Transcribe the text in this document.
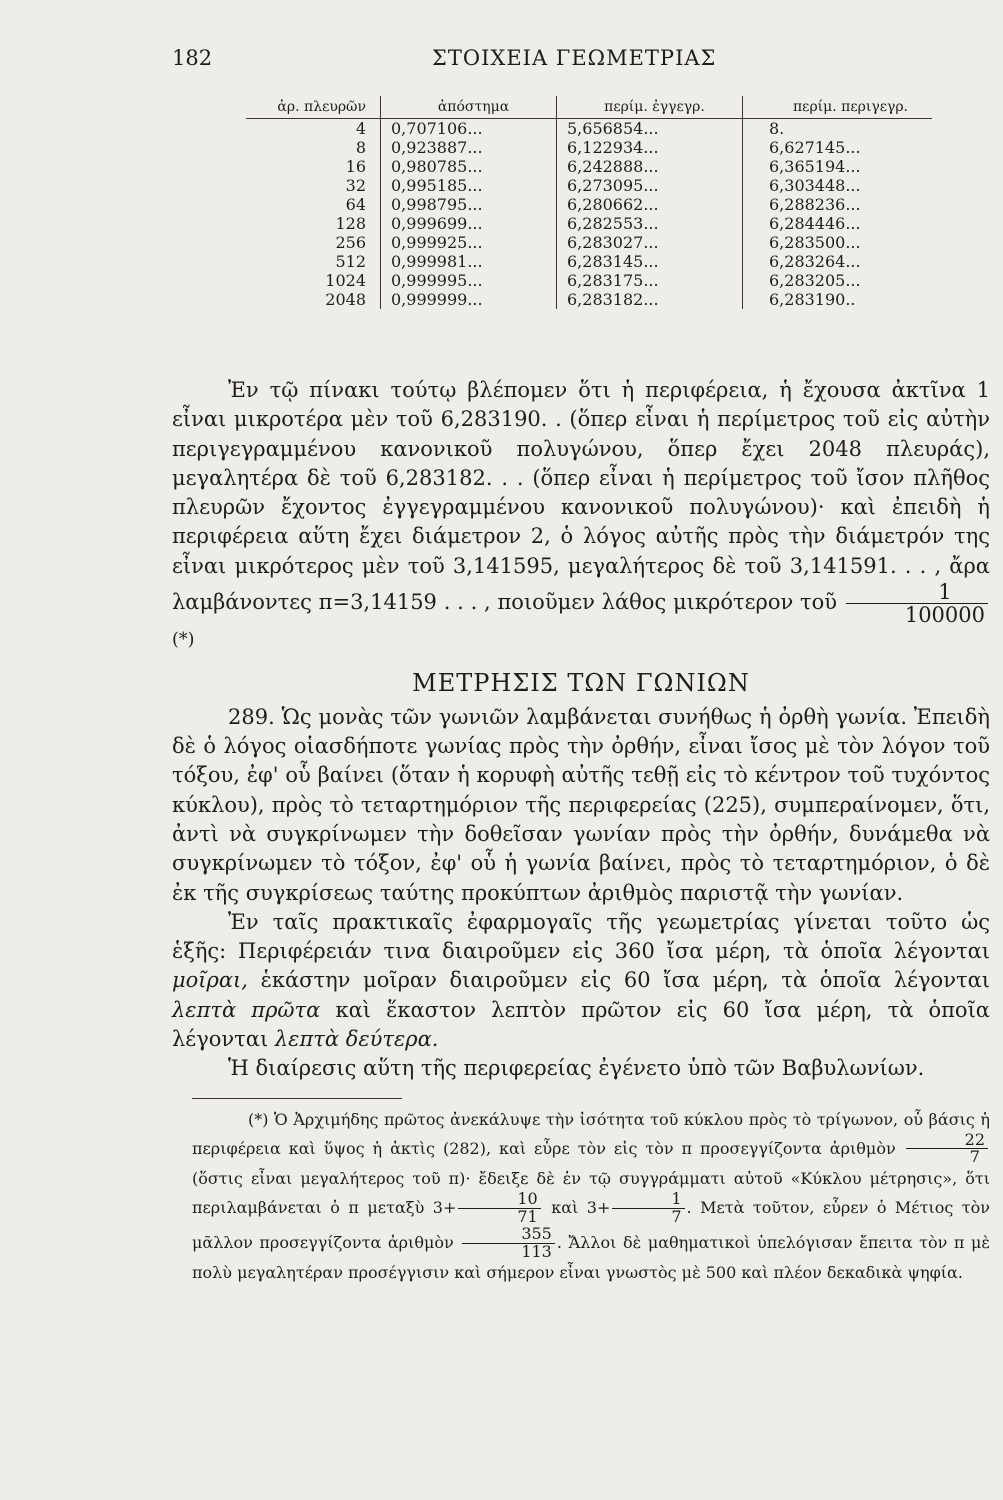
182	ΣΤΟΙΧΕΙΑ ΓΕΩΜΕΤΡΙΑΣ
ἀρ. πλευρῶν	ἀπόστημα	περίμ. ἐγγεγρ.	περίμ. περιγεγρ.
4	0,707106...	5,656854...	8.
8	0,923887...	6,122934...	6,627145...
16	0,980785...	6,242888...	6,365194...
32	0,995185...	6,273095...	6,303448...
64	0,998795...	6,280662...	6,288236...
128	0,999699...	6,282553...	6,284446...
256	0,999925...	6,283027...	6,283500...
512	0,999981...	6,283145...	6,283264...
1024	0,999995...	6,283175...	6,283205...
2048	0,999999...	6,283182...	6,283190..

Ἐν τῷ πίνακι τούτῳ βλέπομεν ὅτι ἡ περιφέρεια, ἡ ἔχουσα ἀκτῖνα 1 εἶναι μικροτέρα μὲν τοῦ 6,283190. . (ὅπερ εἶναι ἡ περίμετρος τοῦ εἰς αὐτὴν περιγεγραμμένου κανονικοῦ πολυγώνου, ὅπερ ἔχει 2048 πλευράς), μεγαλητέρα δὲ τοῦ 6,283182. . . (ὅπερ εἶναι ἡ περίμετρος τοῦ ἴσον πλῆθος πλευρῶν ἔχοντος ἐγγεγραμμένου κανονικοῦ πολυγώνου)· καὶ ἐπειδὴ ἡ περιφέρεια αὕτη ἔχει διάμετρον 2, ὁ λόγος αὐτῆς πρὸς τὴν διάμετρόν της εἶναι μικρότερος μὲν τοῦ 3,141595, μεγαλήτερος δὲ τοῦ 3,141591. . . , ἄρα λαμβάνοντες π=3,14159 . . . , ποιοῦμεν λάθος μικρότερον τοῦ $\frac{1}{100000}$
(*)

ΜΕΤΡΗΣΙΣ ΤΩΝ ΓΩΝΙΩΝ

289. Ὡς μονὰς τῶν γωνιῶν λαμβάνεται συνήθως ἡ ὀρθὴ γωνία. Ἐπειδὴ δὲ ὁ λόγος οἱασδήποτε γωνίας πρὸς τὴν ὀρθήν, εἶναι ἴσος μὲ τὸν λόγον τοῦ τόξου, ἐφ' οὗ βαίνει (ὅταν ἡ κορυφὴ αὐτῆς τεθῇ εἰς τὸ κέντρον τοῦ τυχόντος κύκλου), πρὸς τὸ τεταρτημόριον τῆς περιφερείας (225), συμπεραίνομεν, ὅτι, ἀντὶ νὰ συγκρίνωμεν τὴν δοθεῖσαν γωνίαν πρὸς τὴν ὀρθήν, δυνάμεθα νὰ συγκρίνωμεν τὸ τόξον, ἐφ' οὗ ἡ γωνία βαίνει, πρὸς τὸ τεταρτημόριον, ὁ δὲ ἐκ τῆς συγκρίσεως ταύτης προκύπτων ἀριθμὸς παριστᾷ τὴν γωνίαν.

Ἐν ταῖς πρακτικαῖς ἐφαρμογαῖς τῆς γεωμετρίας γίνεται τοῦτο ὡς ἑξῆς: Περιφέρειάν τινα διαιροῦμεν εἰς 360 ἴσα μέρη, τὰ ὁποῖα λέγονται μοῖραι, ἑκάστην μοῖραν διαιροῦμεν εἰς 60 ἴσα μέρη, τὰ ὁποῖα λέγονται λεπτὰ πρῶτα καὶ ἕκαστον λεπτὸν πρῶτον εἰς 60 ἴσα μέρη, τὰ ὁποῖα λέγονται λεπτὰ δεύτερα.

Ἡ διαίρεσις αὕτη τῆς περιφερείας ἐγένετο ὑπὸ τῶν Βαβυλωνίων.

(*) Ὁ Ἀρχιμήδης πρῶτος ἀνεκάλυψε τὴν ἰσότητα τοῦ κύκλου πρὸς τὸ τρίγωνον, οὗ βάσις ἡ περιφέρεια καὶ ὕψος ἡ ἀκτὶς (282), καὶ εὗρε τὸν εἰς τὸν π προσεγγίζοντα ἀριθμὸν $\frac{22}{7}$
(ὅστις εἶναι μεγαλήτερος τοῦ π)· ἔδειξε δὲ ἐν τῷ συγγράμματι αὐτοῦ «Κύκλου μέτρησις», ὅτι περιλαμβάνεται ὁ π μεταξὺ $3+ \frac{10}{71}$ καὶ $3+ \frac{1}{7}$ . Μετὰ τοῦτον, εὗρεν ὁ Μέτιος τὸν μᾶλλον προσεγγίζοντα ἀριθμὸν $\frac{355}{113}$ . Ἄλλοι δὲ μαθηματικοὶ ὑπελόγισαν ἔπειτα τὸν π μὲ πολὺ μεγαλητέραν προσέγγισιν καὶ σήμερον εἶναι γνωστὸς μὲ 500 καὶ πλέον δεκαδικὰ ψηφία.
